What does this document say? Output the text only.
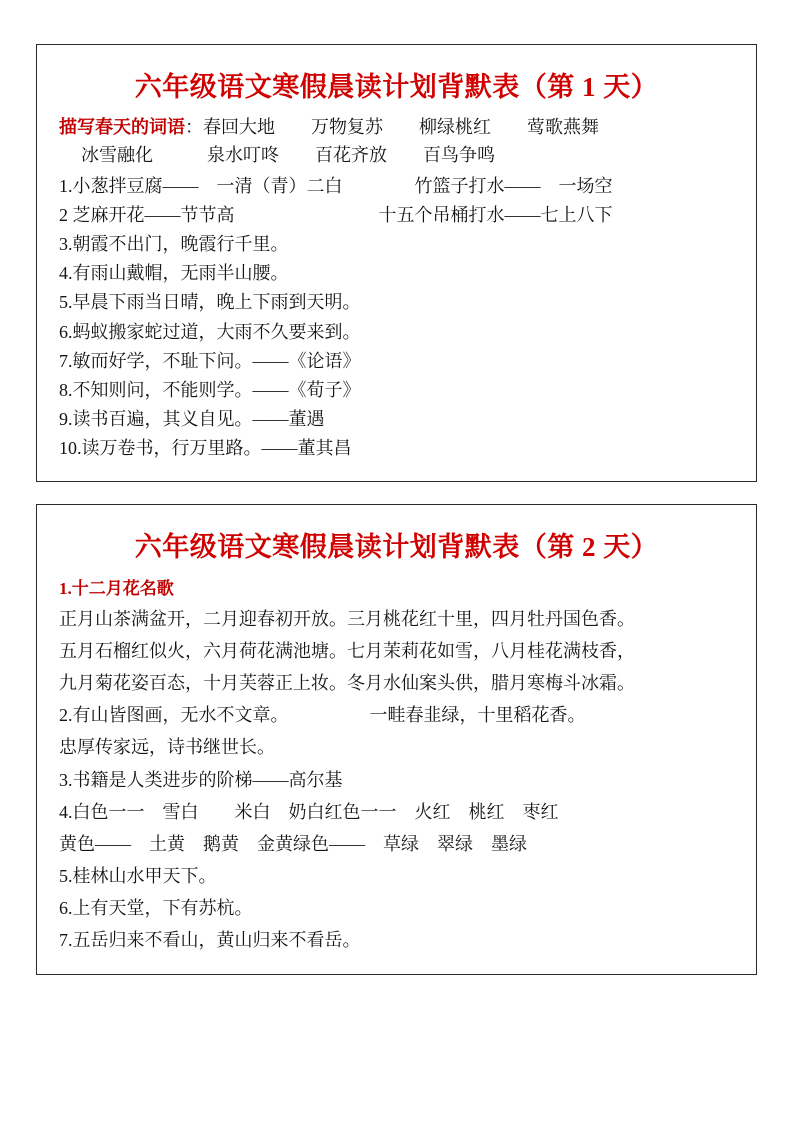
六年级语文寒假晨读计划背默表（第 1 天）

描写春天的词语：春回大地　　万物复苏　　柳绿桃红　　莺歌燕舞

冰雪融化　　　泉水叮咚　　百花齐放　　百鸟争鸣

1.小葱拌豆腐——　一清（青）二白　　　　竹篮子打水——　一场空

2 芝麻开花——节节高　　　　　　　　十五个吊桶打水——七上八下

3.朝霞不出门，晚霞行千里。

4.有雨山戴帽，无雨半山腰。

5.早晨下雨当日晴，晚上下雨到天明。

6.蚂蚁搬家蛇过道，大雨不久要来到。

7.敏而好学，不耻下问。——《论语》

8.不知则问，不能则学。——《荀子》

9.读书百遍，其义自见。——董遇

10.读万卷书，行万里路。——董其昌

六年级语文寒假晨读计划背默表（第 2 天）
1.十二月花名歌

正月山茶满盆开，二月迎春初开放。三月桃花红十里，四月牡丹国色香。

五月石榴红似火，六月荷花满池塘。七月茉莉花如雪，八月桂花满枝香，

九月菊花姿百态，十月芙蓉正上妆。冬月水仙案头供，腊月寒梅斗冰霜。

2.有山皆图画，无水不文章。　　　　　一畦春韭绿，十里稻花香。

忠厚传家远，诗书继世长。

3.书籍是人类进步的阶梯——高尔基

4.白色一一　雪白　　米白　奶白红色一一　火红　桃红　枣红

黄色——　土黄　鹅黄　金黄绿色——　草绿　翠绿　墨绿

5.桂林山水甲天下。

6.上有天堂，下有苏杭。

7.五岳归来不看山，黄山归来不看岳。
